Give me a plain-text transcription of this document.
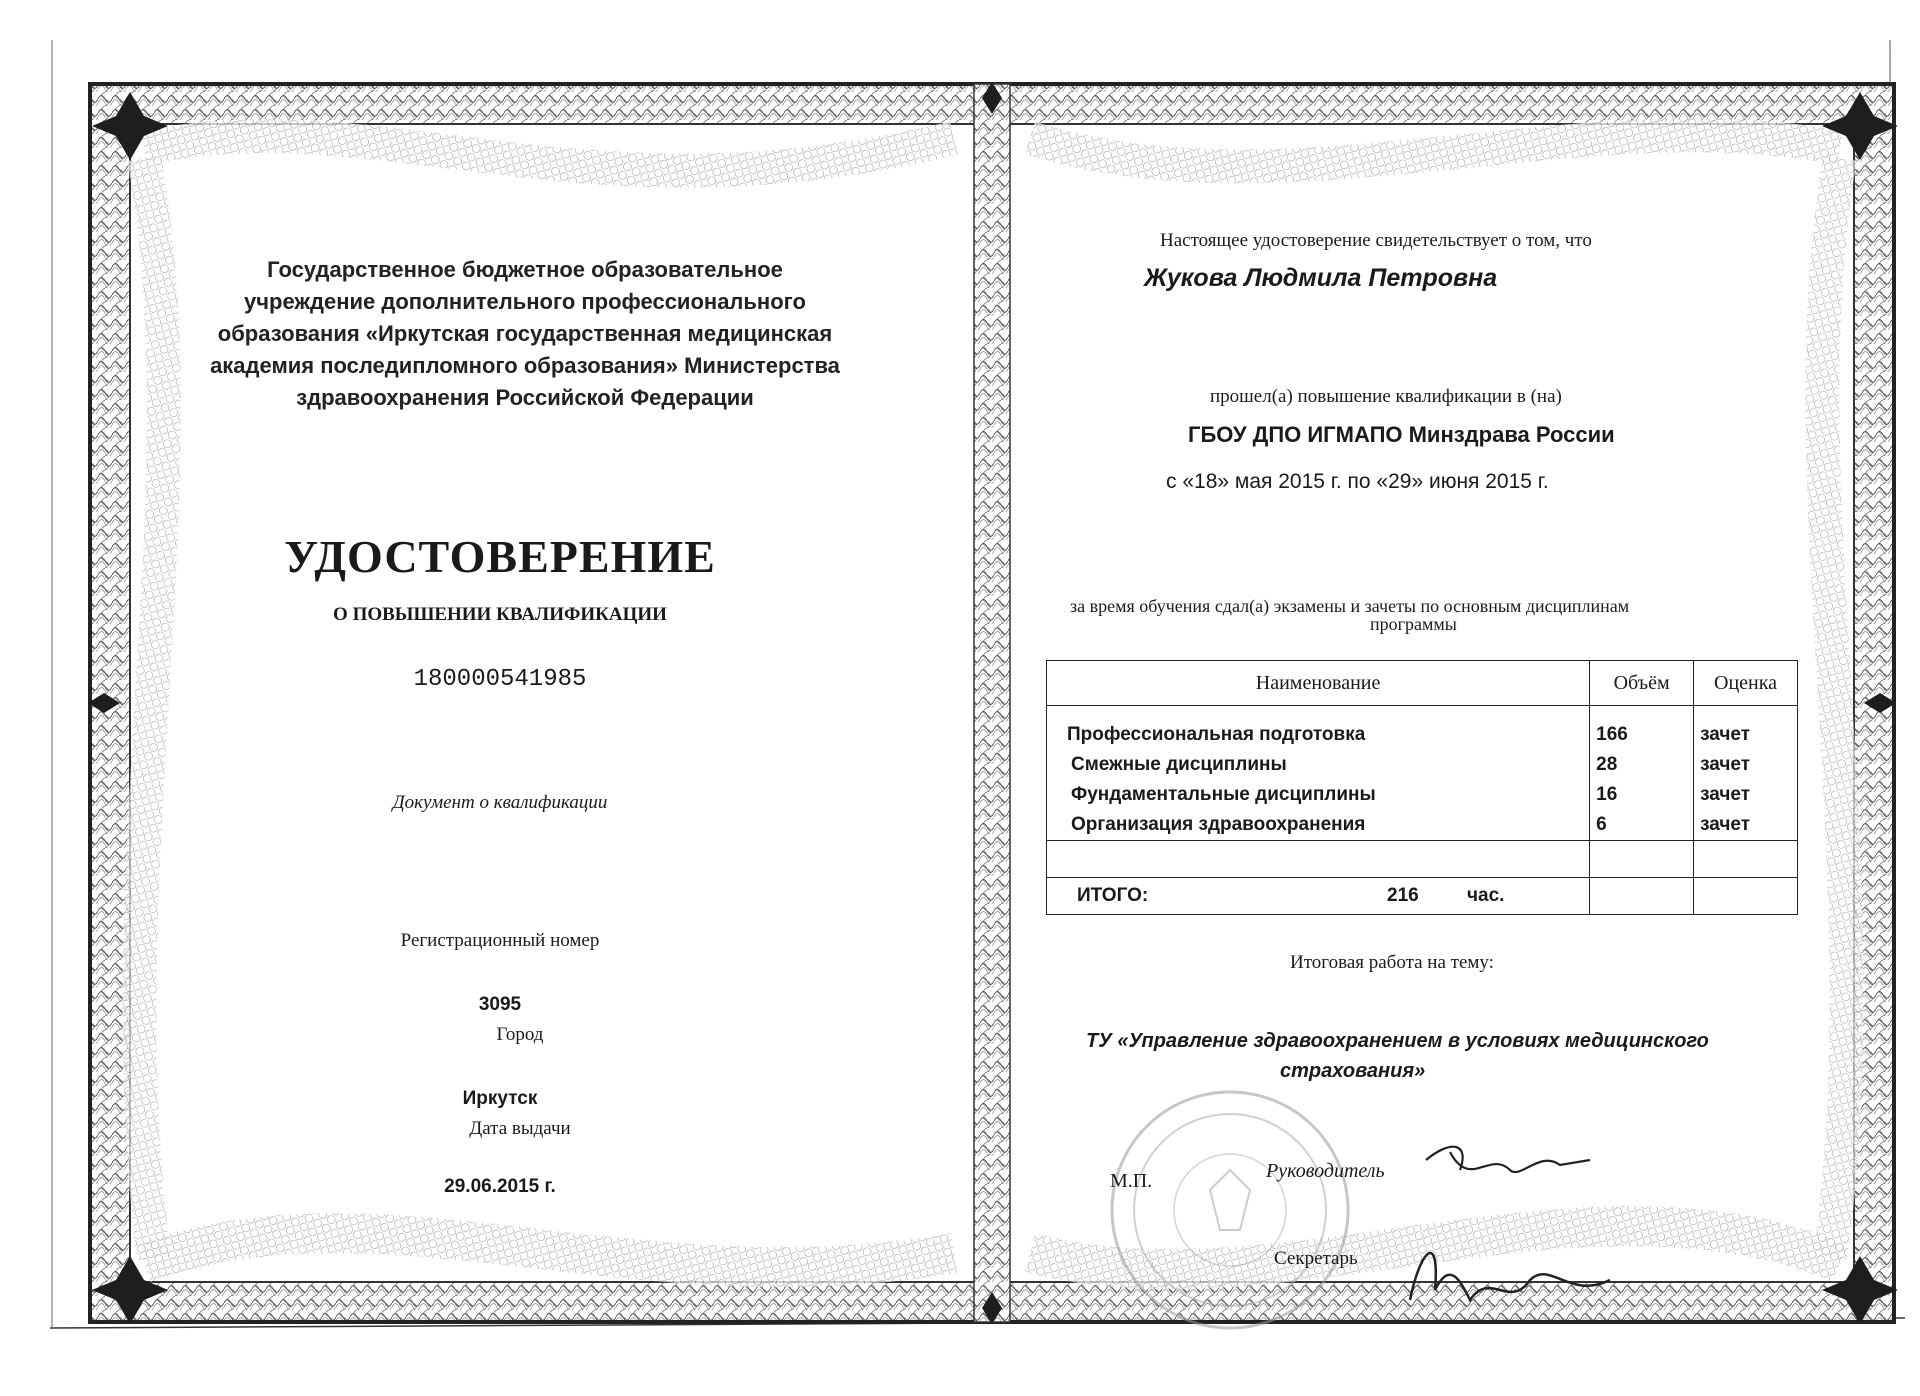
Государственное бюджетное образовательное
учреждение дополнительного профессионального
образования «Иркутская государственная медицинская
академия последипломного образования» Министерства
здравоохранения Российской Федерации
УДОСТОВЕРЕНИЕ
О ПОВЫШЕНИИ КВАЛИФИКАЦИИ
180000541985
Документ о квалификации
Регистрационный номер
3095
Город
Иркутск
Дата выдачи
29.06.2015 г.
Настоящее удостоверение свидетельствует о том, что
Жукова Людмила Петровна
прошел(а) повышение квалификации в (на)
ГБОУ ДПО ИГМАПО Минздрава России
с «18» мая 2015 г. по «29» июня 2015 г.
за время обучения сдал(а) экзамены и зачеты по основным дисциплинам
программы
Наименование	Объём	Оценка

Профессиональная подготовка	166	зачет
Смежные дисциплины	28	зачет
Фундаментальные дисциплины	16	зачет
Организация здравоохранения	6	зачет

ИТОГО: 216 час.		

Итоговая работа на тему:
ТУ «Управление здравоохранением в условиях медицинского
страхования»
М.П.	Руководитель
Секретарь
